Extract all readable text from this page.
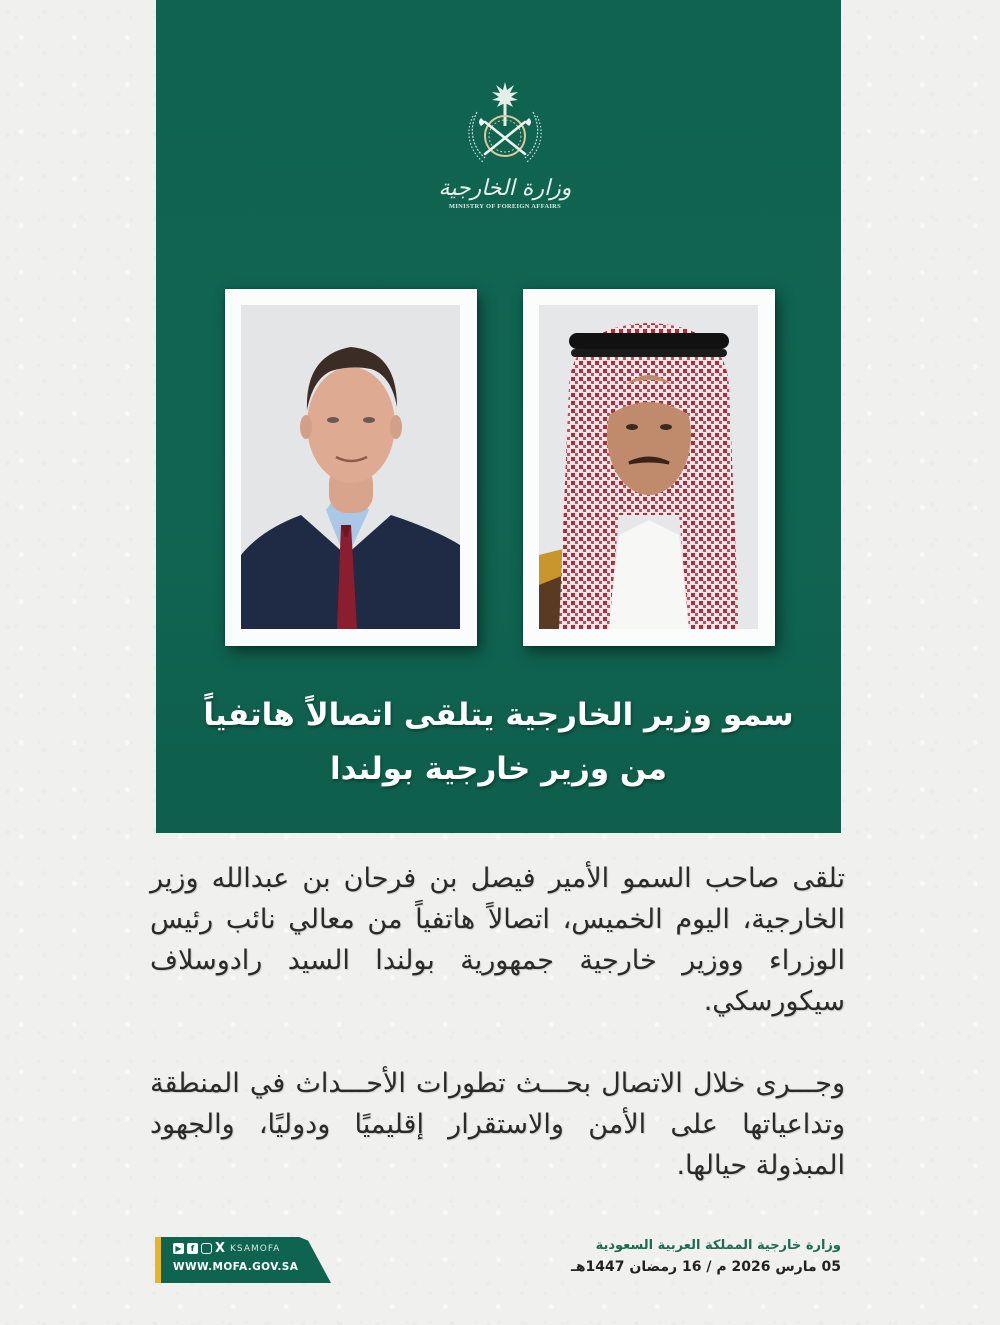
وزارة الخارجية
MINISTRY OF FOREIGN AFFAIRS
سمو وزير الخارجية يتلقى اتصالاً هاتفياً
من وزير خارجية بولندا

تلقى صاحب السمو الأمير فيصل بن فرحان بن عبدالله وزير الخارجية، اليوم الخميس، اتصالاً هاتفياً من معالي نائب رئيس الوزراء ووزير خارجية جمهورية بولندا السيد رادوسلاف سيكورسكي.

وجـــرى خلال الاتصال بحـــث تطورات الأحـــداث في المنطقة وتداعياتها على الأمن والاستقرار إقليميًا ودوليًا، والجهود المبذولة حيالها.

▶	f X KSAMOFA
WWW.MOFA.GOV.SA
وزارة خارجية المملكة العربية السعودية
05 مارس 2026 م / 16 رمضان 1447هـ
